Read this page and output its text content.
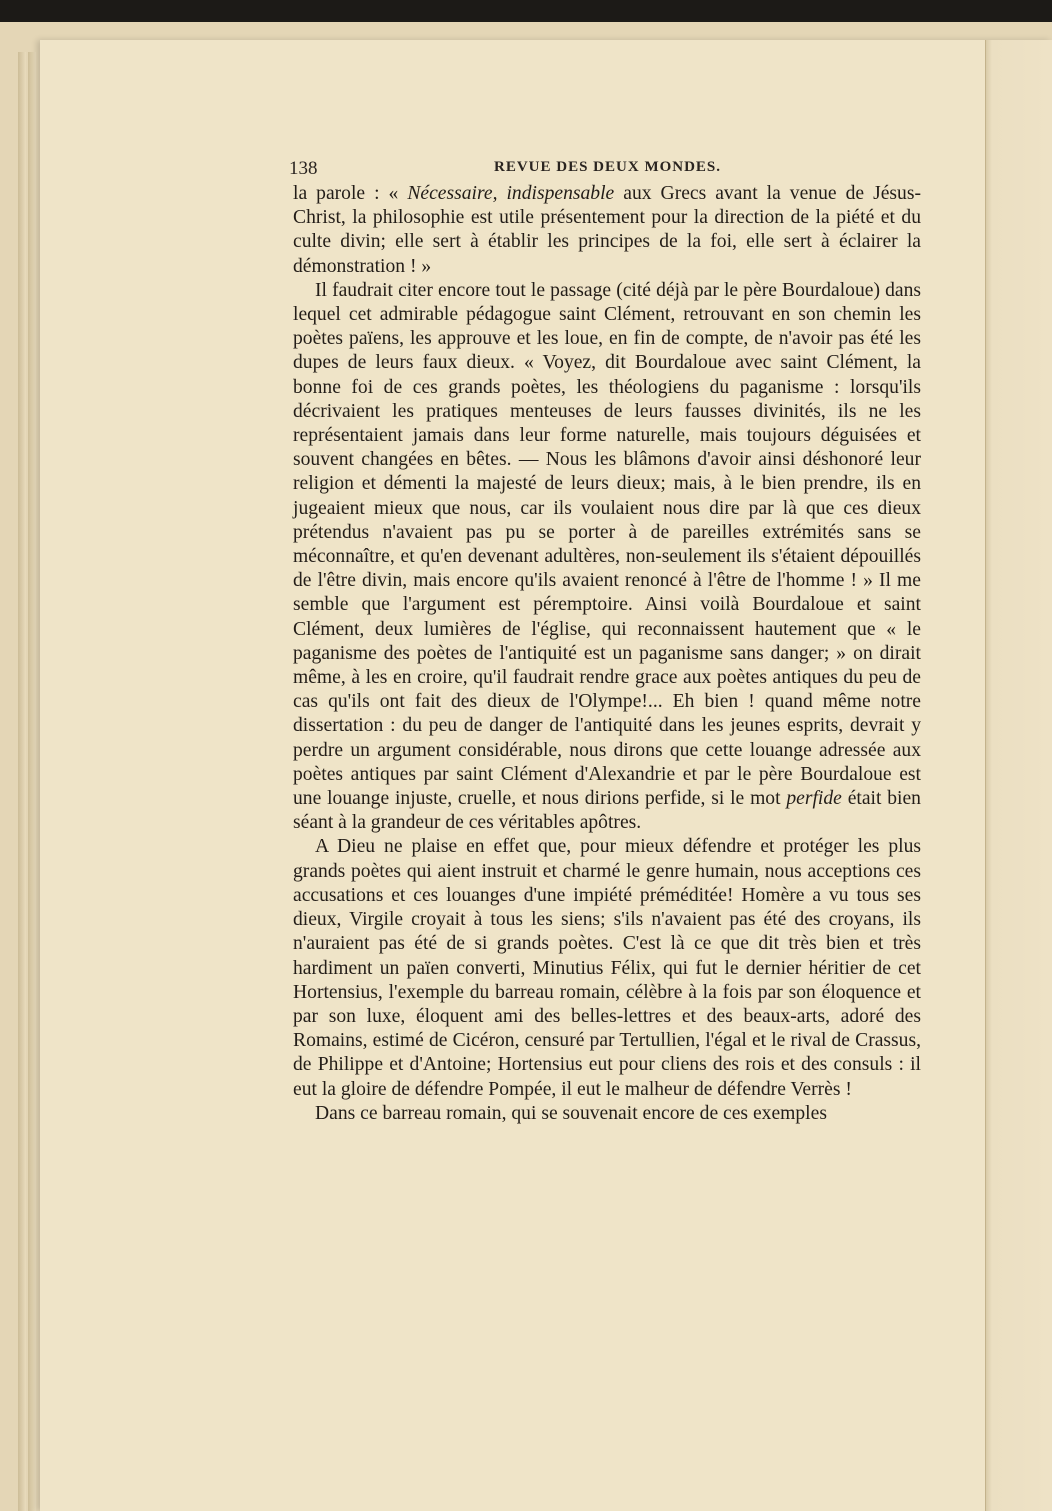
138	REVUE DES DEUX MONDES.

la parole : « Nécessaire, indispensable aux Grecs avant la venue de Jésus-Christ, la philosophie est utile présentement pour la direction de la piété et du culte divin; elle sert à établir les principes de la foi, elle sert à éclairer la démonstration ! »

Il faudrait citer encore tout le passage (cité déjà par le père Bourdaloue) dans lequel cet admirable pédagogue saint Clément, retrouvant en son chemin les poètes païens, les approuve et les loue, en fin de compte, de n'avoir pas été les dupes de leurs faux dieux. « Voyez, dit Bourdaloue avec saint Clément, la bonne foi de ces grands poètes, les théologiens du paganisme : lorsqu'ils décrivaient les pratiques menteuses de leurs fausses divinités, ils ne les représentaient jamais dans leur forme naturelle, mais toujours déguisées et souvent changées en bêtes. — Nous les blâmons d'avoir ainsi déshonoré leur religion et démenti la majesté de leurs dieux; mais, à le bien prendre, ils en jugeaient mieux que nous, car ils voulaient nous dire par là que ces dieux prétendus n'avaient pas pu se porter à de pareilles extrémités sans se méconnaître, et qu'en devenant adultères, non-seulement ils s'étaient dépouillés de l'être divin, mais encore qu'ils avaient renoncé à l'être de l'homme ! » Il me semble que l'argument est péremptoire. Ainsi voilà Bourdaloue et saint Clément, deux lumières de l'église, qui reconnaissent hautement que « le paganisme des poètes de l'antiquité est un paganisme sans danger; » on dirait même, à les en croire, qu'il faudrait rendre grace aux poètes antiques du peu de cas qu'ils ont fait des dieux de l'Olympe!... Eh bien ! quand même notre dissertation : du peu de danger de l'antiquité dans les jeunes esprits, devrait y perdre un argument considérable, nous dirons que cette louange adressée aux poètes antiques par saint Clément d'Alexandrie et par le père Bourdaloue est une louange injuste, cruelle, et nous dirions perfide, si le mot perfide était bien séant à la grandeur de ces véritables apôtres.

A Dieu ne plaise en effet que, pour mieux défendre et protéger les plus grands poètes qui aient instruit et charmé le genre humain, nous acceptions ces accusations et ces louanges d'une impiété préméditée! Homère a vu tous ses dieux, Virgile croyait à tous les siens; s'ils n'avaient pas été des croyans, ils n'auraient pas été de si grands poètes. C'est là ce que dit très bien et très hardiment un païen converti, Minutius Félix, qui fut le dernier héritier de cet Hortensius, l'exemple du barreau romain, célèbre à la fois par son éloquence et par son luxe, éloquent ami des belles-lettres et des beaux-arts, adoré des Romains, estimé de Cicéron, censuré par Tertullien, l'égal et le rival de Crassus, de Philippe et d'Antoine; Hortensius eut pour cliens des rois et des consuls : il eut la gloire de défendre Pompée, il eut le malheur de défendre Verrès !

Dans ce barreau romain, qui se souvenait encore de ces exemples
